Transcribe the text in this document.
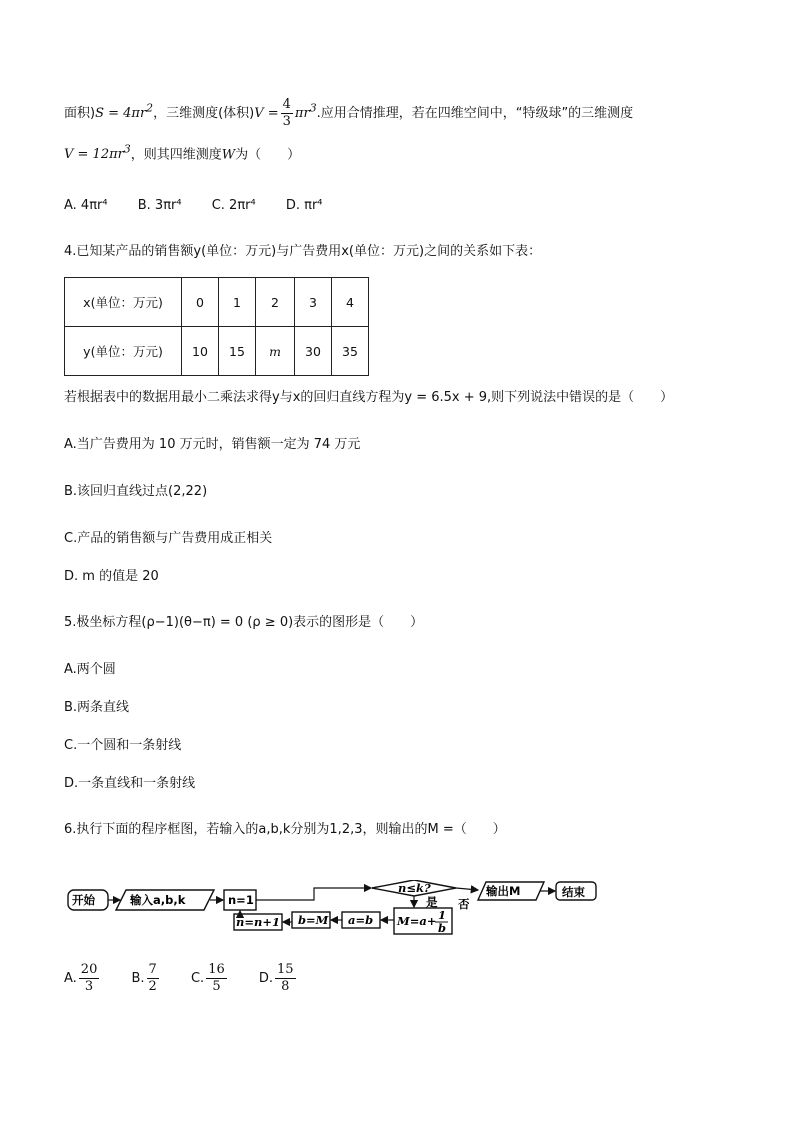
面积)$S = 4\pi r^2$，三维测度(体积)$V = \frac{4}{3} \pi r^3$.应用合情推理，若在四维空间中，“特级球”的三维测度
$V = 12\pi r^3$，则其四维测度W为（　　）
A. 4πr⁴ B. 3πr⁴ C. 2πr⁴ D. πr⁴
4.已知某产品的销售额y(单位：万元)与广告费用x(单位：万元)之间的关系如下表：
x(单位：万元)	0	1	2	3	4
y(单位：万元)	10	15	m	30	35
若根据表中的数据用最小二乘法求得y与x的回归直线方程为y = 6.5x + 9,则下列说法中错误的是（　　）
A.当广告费用为 10 万元时，销售额一定为 74 万元
B.该回归直线过点(2,22)
C.产品的销售额与广告费用成正相关
D. m 的值是 20
5.极坐标方程(ρ−1)(θ−π) = 0 (ρ ≥ 0)表示的图形是（　　）
A.两个圆
B.两条直线
C.一个圆和一条射线
D.一条直线和一条射线
6.执行下面的程序框图，若输入的a,b,k分别为1,2,3，则输出的M =（　　）
开始	输入a,b,k	n=1
n≤k?
否
是
输出M	结束
M=a+ 1
b
a=b
b=M
n=n+1
A. $\frac{20}{3} B$. $\frac{7}{2} C$. $\frac{16}{5} D$. $\frac{15}{8}$
